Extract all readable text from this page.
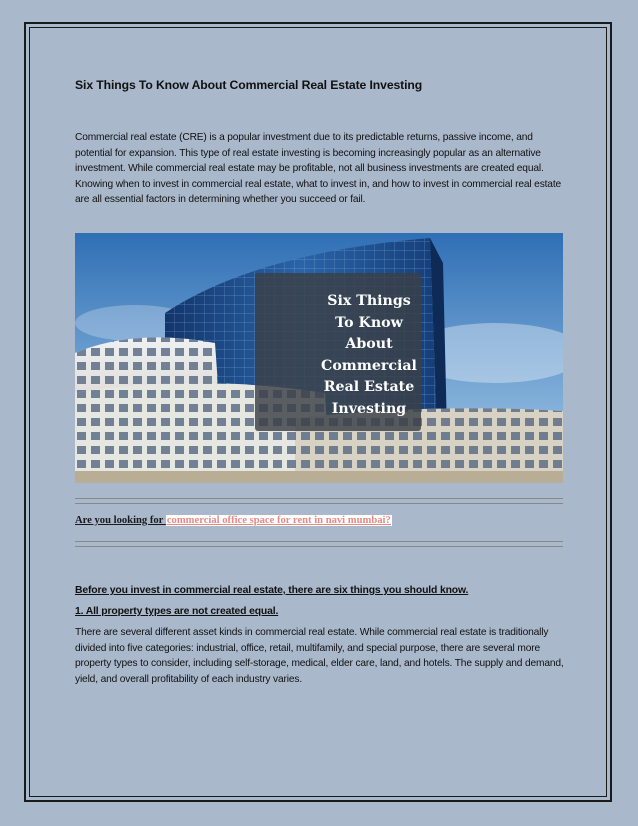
Six Things To Know About Commercial Real Estate Investing

Commercial real estate (CRE) is a popular investment due to its predictable returns, passive income, and potential for expansion. This type of real estate investing is becoming increasingly popular as an alternative investment. While commercial real estate may be profitable, not all business investments are created equal. Knowing when to invest in commercial real estate, what to invest in, and how to invest in commercial real estate are all essential factors in determining whether you succeed or fail.

Six Things
To Know
About
Commercial
Real Estate
Investing
Are you looking for commercial office space for rent in navi mumbai?

Before you invest in commercial real estate, there are six things you should know.

1. All property types are not created equal.

There are several different asset kinds in commercial real estate. While commercial real estate is traditionally divided into five categories: industrial, office, retail, multifamily, and special purpose, there are several more property types to consider, including self-storage, medical, elder care, land, and hotels. The supply and demand, yield, and overall profitability of each industry varies.
